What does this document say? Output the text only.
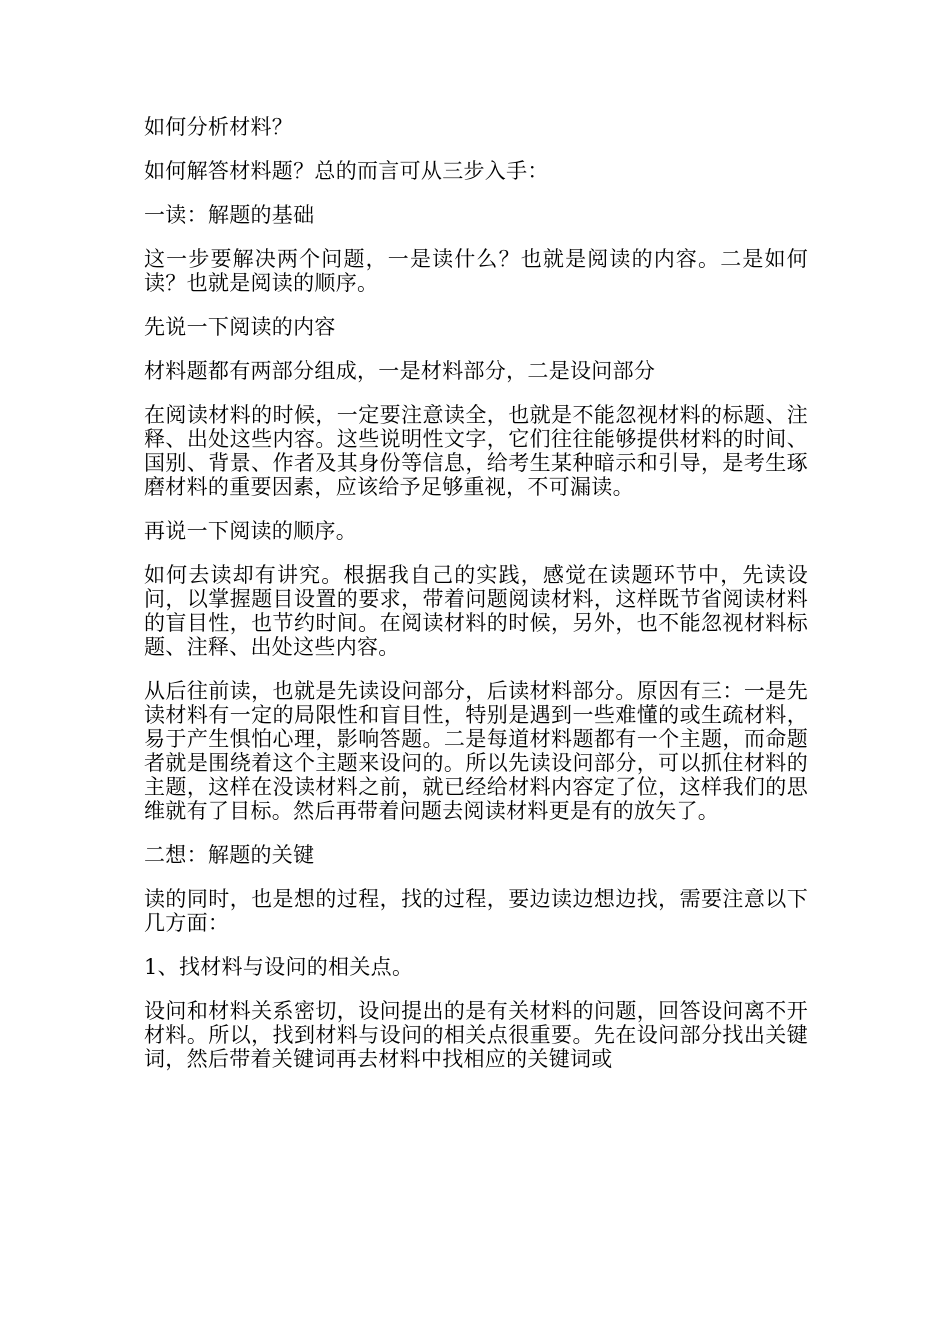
如何分析材料？

如何解答材料题？总的而言可从三步入手：

一读：解题的基础

这一步要解决两个问题，一是读什么？也就是阅读的内容。二是如何读？也就是阅读的顺序。

先说一下阅读的内容

材料题都有两部分组成，一是材料部分，二是设问部分

在阅读材料的时候，一定要注意读全，也就是不能忽视材料的标题、注释、出处这些内容。这些说明性文字，它们往往能够提供材料的时间、国别、背景、作者及其身份等信息，给考生某种暗示和引导，是考生琢磨材料的重要因素，应该给予足够重视，不可漏读。

再说一下阅读的顺序。

如何去读却有讲究。根据我自己的实践，感觉在读题环节中，先读设问，以掌握题目设置的要求，带着问题阅读材料，这样既节省阅读材料的盲目性，也节约时间。在阅读材料的时候，另外，也不能忽视材料标题、注释、出处这些内容。

从后往前读，也就是先读设问部分，后读材料部分。原因有三：一是先读材料有一定的局限性和盲目性，特别是遇到一些难懂的或生疏材料，易于产生惧怕心理，影响答题。二是每道材料题都有一个主题，而命题者就是围绕着这个主题来设问的。所以先读设问部分，可以抓住材料的主题，这样在没读材料之前，就已经给材料内容定了位，这样我们的思维就有了目标。然后再带着问题去阅读材料更是有的放矢了。

二想：解题的关键

读的同时，也是想的过程，找的过程，要边读边想边找，需要注意以下几方面：

1、找材料与设问的相关点。

设问和材料关系密切，设问提出的是有关材料的问题，回答设问离不开材料。所以，找到材料与设问的相关点很重要。先在设问部分找出关键词，然后带着关键词再去材料中找相应的关键词或
